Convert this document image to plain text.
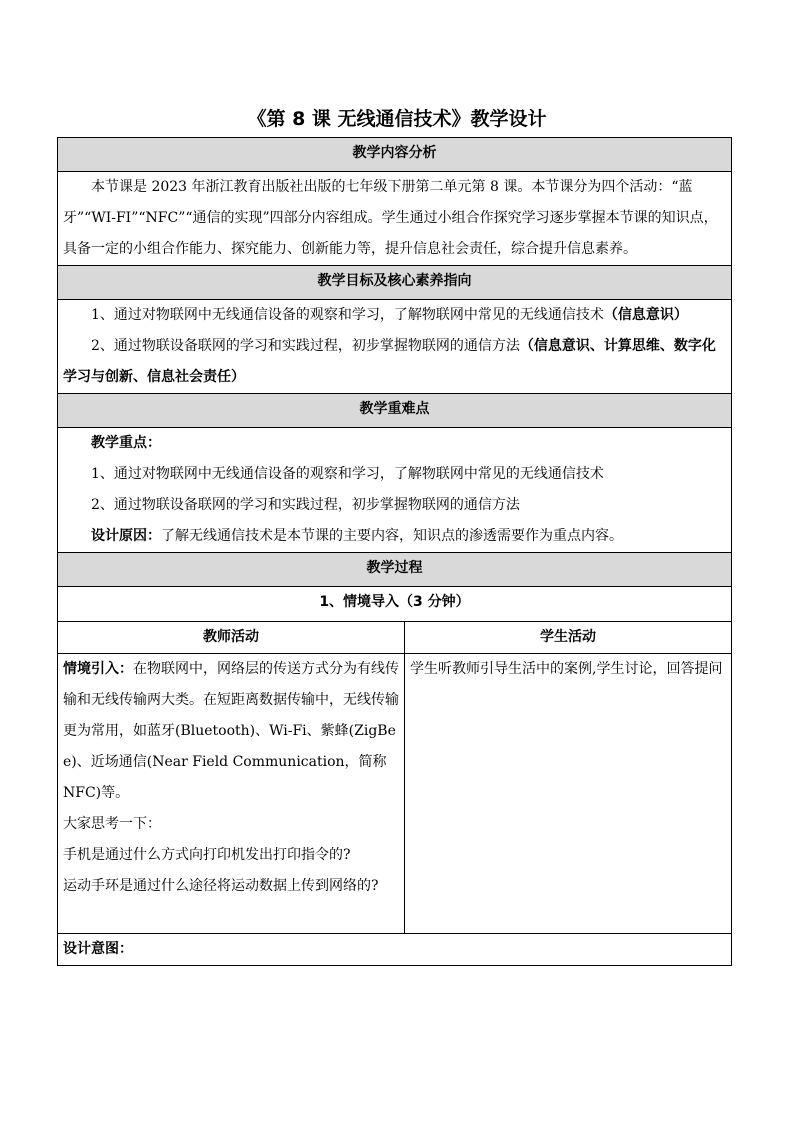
《第 8 课 无线通信技术》教学设计
教学内容分析	

本节课是 2023 年浙江教育出版社出版的七年级下册第二单元第 8 课。本节课分为四个活动：“蓝牙”“WI-FI”“NFC”“通信的实现”四部分内容组成。学生通过小组合作探究学习逐步掌握本节课的知识点，具备一定的小组合作能力、探究能力、创新能力等，提升信息社会责任，综合提升信息素养。	

教学目标及核心素养指向	

1、通过对物联网中无线通信设备的观察和学习，了解物联网中常见的无线通信技术（信息意识）

2、通过物联设备联网的学习和实践过程，初步掌握物联网的通信方法（信息意识、计算思维、数字化学习与创新、信息社会责任）	

教学重难点	

教学重点：

1、通过对物联网中无线通信设备的观察和学习，了解物联网中常见的无线通信技术

2、通过物联设备联网的学习和实践过程，初步掌握物联网的通信方法

设计原因：了解无线通信技术是本节课的主要内容，知识点的渗透需要作为重点内容。	

教学过程	
1、情境导入（3 分钟）	
教师活动	学生活动

情境引入：在物联网中，网络层的传送方式分为有线传输和无线传输两大类。在短距离数据传输中，无线传输更为常用，如蓝牙(Bluetooth)、Wi-Fi、紫蜂(ZigBee)、近场通信(Near Field Communication，简称 NFC)等。

大家思考一下：

手机是通过什么方式向打印机发出打印指令的?

运动手环是通过什么途径将运动数据上传到网络的?	学生听教师引导生活中的案例,学生讨论，回答提问

设计意图：	
